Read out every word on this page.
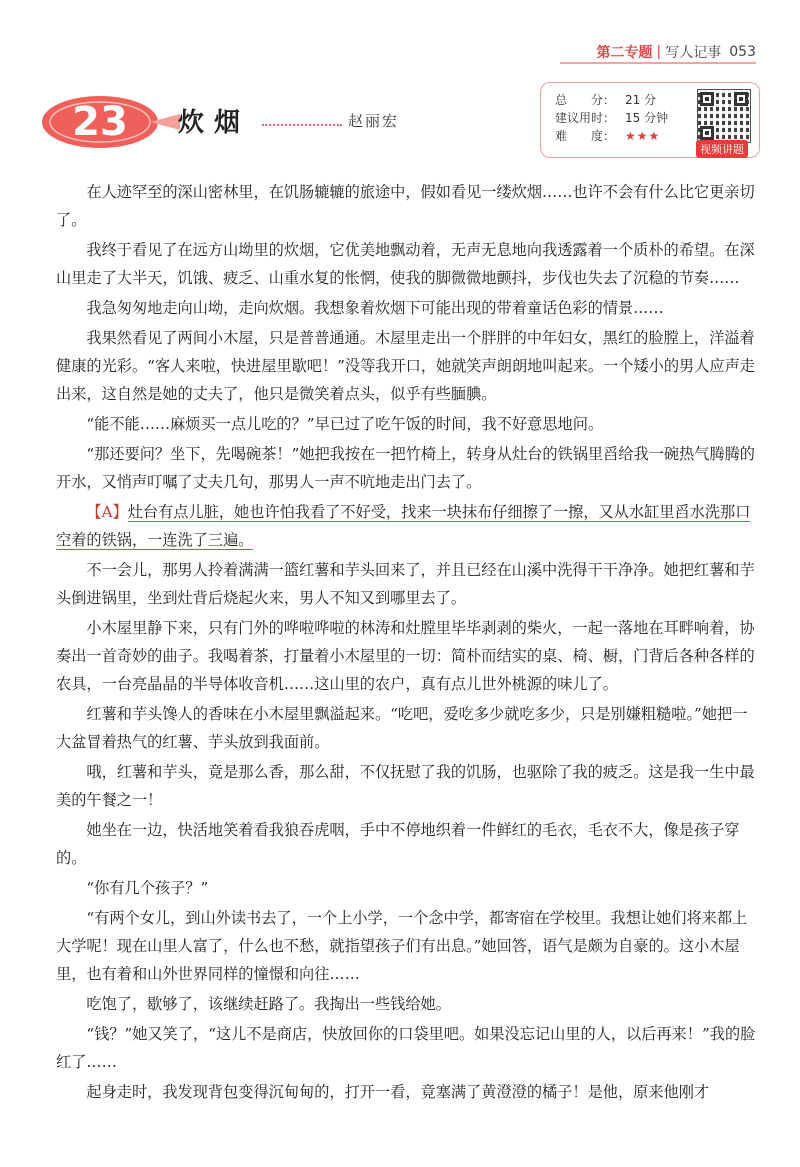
第二专题 | 写人记事 053
23	炊烟	赵丽宏
总　　分： 21 分
建议用时： 15 分钟
难　　度： ★★★
视频讲题

在人迹罕至的深山密林里，在饥肠辘辘的旅途中，假如看见一缕炊烟……也许不会有什么比它更亲切了。

我终于看见了在远方山坳里的炊烟，它优美地飘动着，无声无息地向我透露着一个质朴的希望。在深山里走了大半天，饥饿、疲乏、山重水复的怅惘，使我的脚微微地颤抖，步伐也失去了沉稳的节奏……

我急匆匆地走向山坳，走向炊烟。我想象着炊烟下可能出现的带着童话色彩的情景……

我果然看见了两间小木屋，只是普普通通。木屋里走出一个胖胖的中年妇女，黑红的脸膛上，洋溢着健康的光彩。“客人来啦，快进屋里歇吧！”没等我开口，她就笑声朗朗地叫起来。一个矮小的男人应声走出来，这自然是她的丈夫了，他只是微笑着点头，似乎有些腼腆。

“能不能……麻烦买一点儿吃的？”早已过了吃午饭的时间，我不好意思地问。

“那还要问？坐下，先喝碗茶！”她把我按在一把竹椅上，转身从灶台的铁锅里舀给我一碗热气腾腾的开水，又悄声叮嘱了丈夫几句，那男人一声不吭地走出门去了。

【A】灶台有点儿脏，她也许怕我看了不好受，找来一块抹布仔细擦了一擦，又从水缸里舀水洗那口空着的铁锅，一连洗了三遍。

不一会儿，那男人拎着满满一篮红薯和芋头回来了，并且已经在山溪中洗得干干净净。她把红薯和芋头倒进锅里，坐到灶背后烧起火来，男人不知又到哪里去了。

小木屋里静下来，只有门外的哗啦哗啦的林涛和灶膛里毕毕剥剥的柴火，一起一落地在耳畔响着，协奏出一首奇妙的曲子。我喝着茶，打量着小木屋里的一切：简朴而结实的桌、椅、橱，门背后各种各样的农具，一台亮晶晶的半导体收音机……这山里的农户，真有点儿世外桃源的味儿了。

红薯和芋头馋人的香味在小木屋里飘溢起来。“吃吧，爱吃多少就吃多少，只是别嫌粗糙啦。”她把一大盆冒着热气的红薯、芋头放到我面前。

哦，红薯和芋头，竟是那么香，那么甜，不仅抚慰了我的饥肠，也驱除了我的疲乏。这是我一生中最美的午餐之一！

她坐在一边，快活地笑着看我狼吞虎咽，手中不停地织着一件鲜红的毛衣，毛衣不大，像是孩子穿的。

“你有几个孩子？”

“有两个女儿，到山外读书去了，一个上小学，一个念中学，都寄宿在学校里。我想让她们将来都上大学呢！现在山里人富了，什么也不愁，就指望孩子们有出息。”她回答，语气是颇为自豪的。这小木屋里，也有着和山外世界同样的憧憬和向往……

吃饱了，歇够了，该继续赶路了。我掏出一些钱给她。

“钱？”她又笑了，“这儿不是商店，快放回你的口袋里吧。如果没忘记山里的人，以后再来！”我的脸红了……

起身走时，我发现背包变得沉甸甸的，打开一看，竟塞满了黄澄澄的橘子！是他，原来他刚才
